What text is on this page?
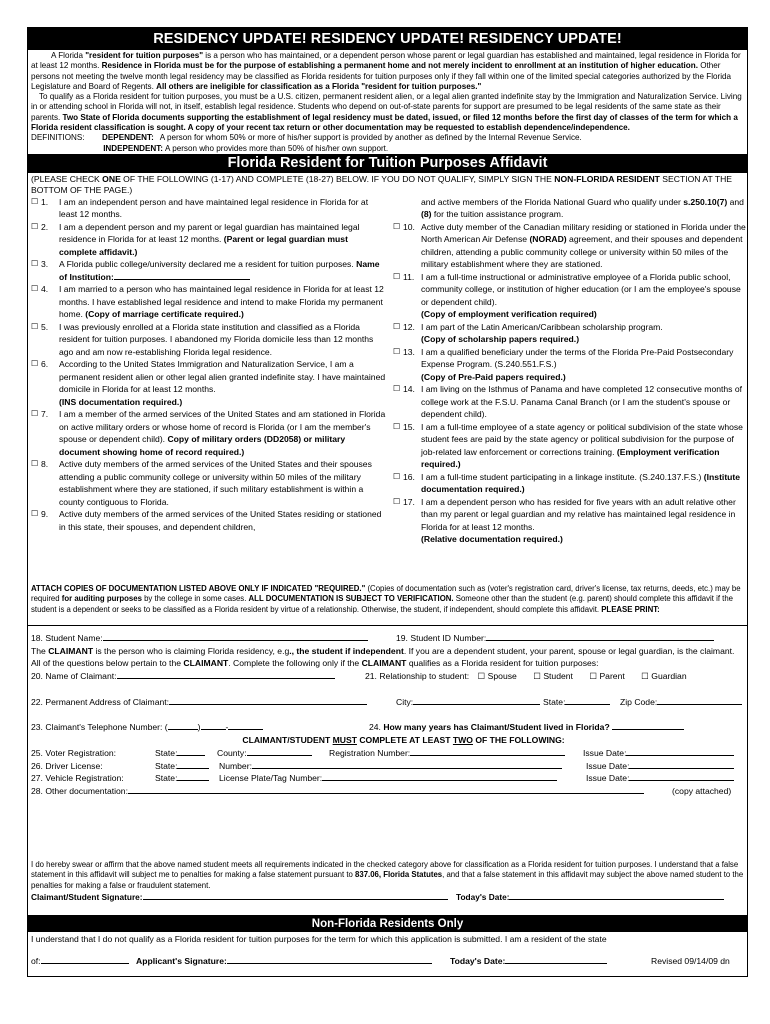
RESIDENCY UPDATE! RESIDENCY UPDATE! RESIDENCY UPDATE!

A Florida "resident for tuition purposes" is a person who has maintained, or a dependent person whose parent or legal guardian has established and maintained, legal residence in Florida for at least 12 months. Residence in Florida must be for the purpose of establishing a permanent home and not merely incident to enrollment at an institution of higher education. Other persons not meeting the twelve month legal residency may be classified as Florida residents for tuition purposes only if they fall within one of the limited special categories authorized by the Florida Legislature and Board of Regents. All others are ineligible for classification as a Florida "resident for tuition purposes."

To qualify as a Florida resident for tuition purposes, you must be a U.S. citizen, permanent resident alien, or a legal alien granted indefinite stay by the Immigration and Naturalization Service. Living in or attending school in Florida will not, in itself, establish legal residence. Students who depend on out-of-state parents for support are presumed to be legal residents of the same state as their parents. Two State of Florida documents supporting the establishment of legal residency must be dated, issued, or filed 12 months before the first day of classes of the term for which a Florida resident classification is sought. A copy of your recent tax return or other documentation may be requested to establish dependence/independence.

DEFINITIONS: DEPENDENT: A person for whom 50% or more of his/her support is provided by another as defined by the Internal Revenue Service.

INDEPENDENT: A person who provides more than 50% of his/her own support.

Florida Resident for Tuition Purposes Affidavit
(PLEASE CHECK ONE OF THE FOLLOWING (1-17) AND COMPLETE (18-27) BELOW. IF YOU DO NOT QUALIFY, SIMPLY SIGN THE NON-FLORIDA RESIDENT SECTION AT THE BOTTOM OF THE PAGE.)
☐ 1.	I am an independent person and have maintained legal residence in Florida for at least 12 months.
☐ 2.	I am a dependent person and my parent or legal guardian has maintained legal residence in Florida for at least 12 months. (Parent or legal guardian must complete affidavit.)
☐ 3.	A Florida public college/university declared me a resident for tuition purposes. Name of Institution:
☐ 4.	I am married to a person who has maintained legal residence in Florida for at least 12 months. I have established legal residence and intend to make Florida my permanent home. (Copy of marriage certificate required.)
☐ 5.	I was previously enrolled at a Florida state institution and classified as a Florida resident for tuition purposes. I abandoned my Florida domicile less than 12 months ago and am now re-establishing Florida legal residence.
☐ 6.	According to the United States Immigration and Naturalization Service, I am a permanent resident alien or other legal alien granted indefinite stay. I have maintained domicile in Florida for at least 12 months.
(INS documentation required.)
☐ 7.	I am a member of the armed services of the United States and am stationed in Florida on active military orders or whose home of record is Florida (or I am the member's spouse or dependent child). Copy of military orders (DD2058) or military document showing home of record required.)
☐ 8.	Active duty members of the armed services of the United States and their spouses attending a public community college or university within 50 miles of the military establishment where they are stationed, if such military establishment is within a county contiguous to Florida.
☐ 9.	Active duty members of the armed services of the United States residing or stationed in this state, their spouses, and dependent children,
and active members of the Florida National Guard who qualify under s.250.10(7) and (8) for the tuition assistance program.
☐ 10. Active duty member of the Canadian military residing or stationed in Florida under the North American Air Defense (NORAD) agreement, and their spouses and dependent children, attending a public community college or university within 50 miles of the military establishment where they are stationed.
☐ 11. I am a full-time instructional or administrative employee of a Florida public school, community college, or institution of higher education (or I am the employee's spouse or dependent child).
(Copy of employment verification required)
☐ 12. I am part of the Latin American/Caribbean scholarship program.
(Copy of scholarship papers required.)
☐ 13. I am a qualified beneficiary under the terms of the Florida Pre-Paid Postsecondary Expense Program. (S.240.551.F.S.)
(Copy of Pre-Paid papers required.)
☐ 14. I am living on the Isthmus of Panama and have completed 12 consecutive months of college work at the F.S.U. Panama Canal Branch (or I am the student's spouse or dependent child).
☐ 15. I am a full-time employee of a state agency or political subdivision of the state whose student fees are paid by the state agency or political subdivision for the purpose of job-related law enforcement or corrections training. (Employment verification required.)
☐ 16. I am a full-time student participating in a linkage institute. (S.240.137.F.S.) (Institute documentation required.)
☐ 17. I am a dependent person who has resided for five years with an adult relative other than my parent or legal guardian and my relative has maintained legal residence in Florida for at least 12 months.
(Relative documentation required.)
ATTACH COPIES OF DOCUMENTATION LISTED ABOVE ONLY IF INDICATED "REQUIRED." (Copies of documentation such as (voter's registration card, driver's license, tax returns, deeds, etc.) may be required for auditing purposes by the college in some cases. ALL DOCUMENTATION IS SUBJECT TO VERIFICATION. Someone other than the student (e.g. parent) should complete this affidavit if the student is a dependent or seeks to be classified as a Florida resident by virtue of a relationship. Otherwise, the student, if independent, should complete this affidavit. PLEASE PRINT:
18. Student Name:	19. Student ID Number:
The CLAIMANT is the person who is claiming Florida residency, e.g., the student if independent. If you are a dependent student, your parent, spouse or legal guardian, is the claimant. All of the questions below pertain to the CLAIMANT. Complete the following only if the CLAIMANT qualifies as a Florida resident for tuition purposes:
20. Name of Claimant:	21. Relationship to student: ☐ Spouse ☐ Student ☐ Parent ☐ Guardian
22. Permanent Address of Claimant:	City:	State:	Zip Code:
23. Claimant's Telephone Number: (	)	-	24. How many years has Claimant/Student lived in Florida?
CLAIMANT/STUDENT MUST COMPLETE AT LEAST TWO OF THE FOLLOWING:
25. Voter Registration:	State:	County:	Registration Number:	Issue Date:
26. Driver License:	State:	Number:	Issue Date:
27. Vehicle Registration:	State:	License Plate/Tag Number:	Issue Date:
28. Other documentation:	(copy attached)
I do hereby swear or affirm that the above named student meets all requirements indicated in the checked category above for classification as a Florida resident for tuition purposes. I understand that a false statement in this affidavit will subject me to penalties for making a false statement pursuant to 837.06, Florida Statutes, and that a false statement in this affidavit may subject the above named student to the penalties for making a false or fraudulent statement.
Claimant/Student Signature:	Today's Date:
Non-Florida Residents Only
I understand that I do not qualify as a Florida resident for tuition purposes for the term for which this application is submitted. I am a resident of the state
of:	Applicant's Signature:	Today's Date:	Revised 09/14/09 dn
